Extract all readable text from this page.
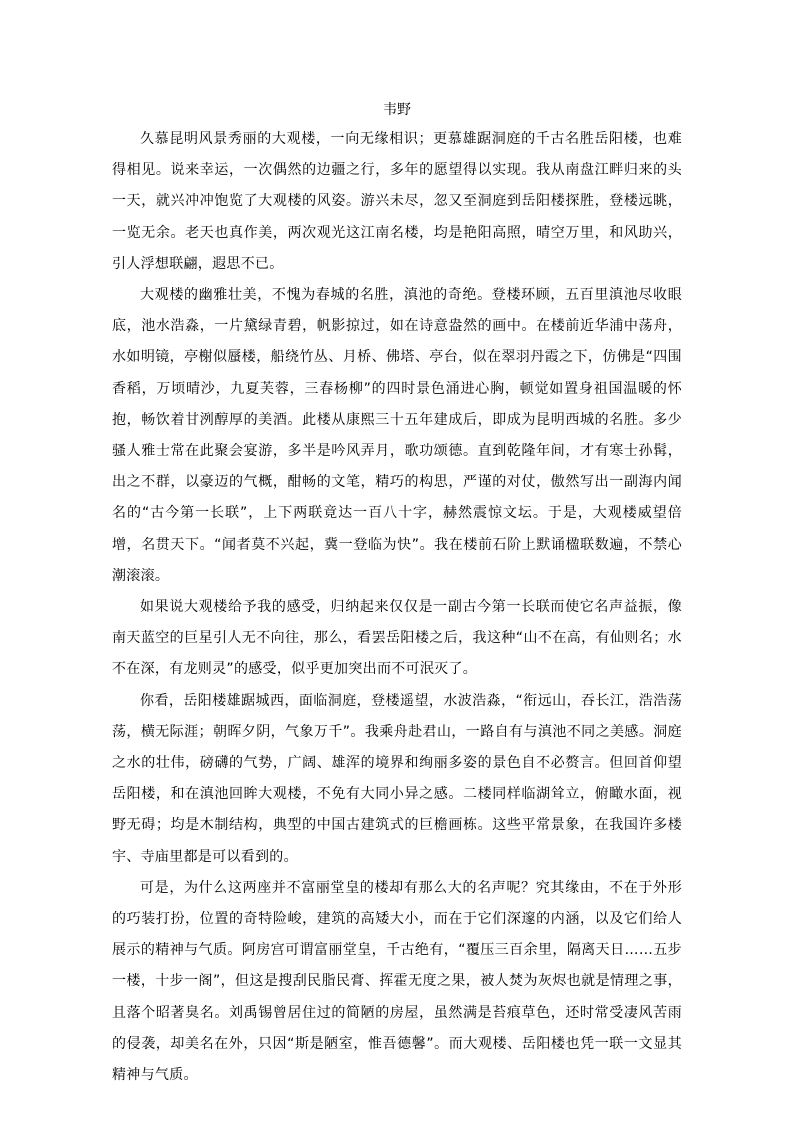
韦野

久慕昆明风景秀丽的大观楼，一向无缘相识；更慕雄踞洞庭的千古名胜岳阳楼，也难得相见。说来幸运，一次偶然的边疆之行，多年的愿望得以实现。我从南盘江畔归来的头一天，就兴冲冲饱览了大观楼的风姿。游兴未尽，忽又至洞庭到岳阳楼探胜，登楼远眺，一览无余。老天也真作美，两次观光这江南名楼，均是艳阳高照，晴空万里，和风助兴，引人浮想联翩，遐思不已。

大观楼的幽雅壮美，不愧为春城的名胜，滇池的奇绝。登楼环顾，五百里滇池尽收眼底，池水浩淼，一片黛绿青碧，帆影掠过，如在诗意盎然的画中。在楼前近华浦中荡舟，水如明镜，亭榭似蜃楼，船绕竹丛、月桥、佛塔、亭台，似在翠羽丹霞之下，仿佛是“四围香稻，万顷晴沙，九夏芙蓉，三春杨柳”的四时景色涌进心胸，顿觉如置身祖国温暖的怀抱，畅饮着甘洌醇厚的美酒。此楼从康熙三十五年建成后，即成为昆明西城的名胜。多少骚人雅士常在此聚会宴游，多半是吟风弄月，歌功颂德。直到乾隆年间，才有寒士孙髯，出之不群，以豪迈的气概，酣畅的文笔，精巧的构思，严谨的对仗，傲然写出一副海内闻名的“古今第一长联”，上下两联竟达一百八十字，赫然震惊文坛。于是，大观楼威望倍增，名贯天下。“闻者莫不兴起，冀一登临为快”。我在楼前石阶上默诵楹联数遍，不禁心潮滚滚。

如果说大观楼给予我的感受，归纳起来仅仅是一副古今第一长联而使它名声益振，像南天蓝空的巨星引人无不向往，那么，看罢岳阳楼之后，我这种“山不在高，有仙则名；水不在深，有龙则灵”的感受，似乎更加突出而不可泯灭了。

你看，岳阳楼雄踞城西，面临洞庭，登楼遥望，水波浩淼，“衔远山，吞长江，浩浩荡荡，横无际涯；朝晖夕阴，气象万千”。我乘舟赴君山，一路自有与滇池不同之美感。洞庭之水的壮伟，磅礴的气势，广阔、雄浑的境界和绚丽多姿的景色自不必赘言。但回首仰望岳阳楼，和在滇池回眸大观楼，不免有大同小异之感。二楼同样临湖耸立，俯瞰水面，视野无碍；均是木制结构，典型的中国古建筑式的巨檐画栋。这些平常景象，在我国许多楼宇、寺庙里都是可以看到的。

可是，为什么这两座并不富丽堂皇的楼却有那么大的名声呢？究其缘由，不在于外形的巧装打扮，位置的奇特险峻，建筑的高矮大小，而在于它们深邃的内涵，以及它们给人展示的精神与气质。阿房宫可谓富丽堂皇，千古绝有，“覆压三百余里，隔离天日……五步一楼，十步一阁”，但这是搜刮民脂民膏、挥霍无度之果，被人焚为灰烬也就是情理之事，且落个昭著臭名。刘禹锡曾居住过的简陋的房屋，虽然满是苔痕草色，还时常受凄风苦雨的侵袭，却美名在外，只因“斯是陋室，惟吾德馨”。而大观楼、岳阳楼也凭一联一文显其精神与气质。
